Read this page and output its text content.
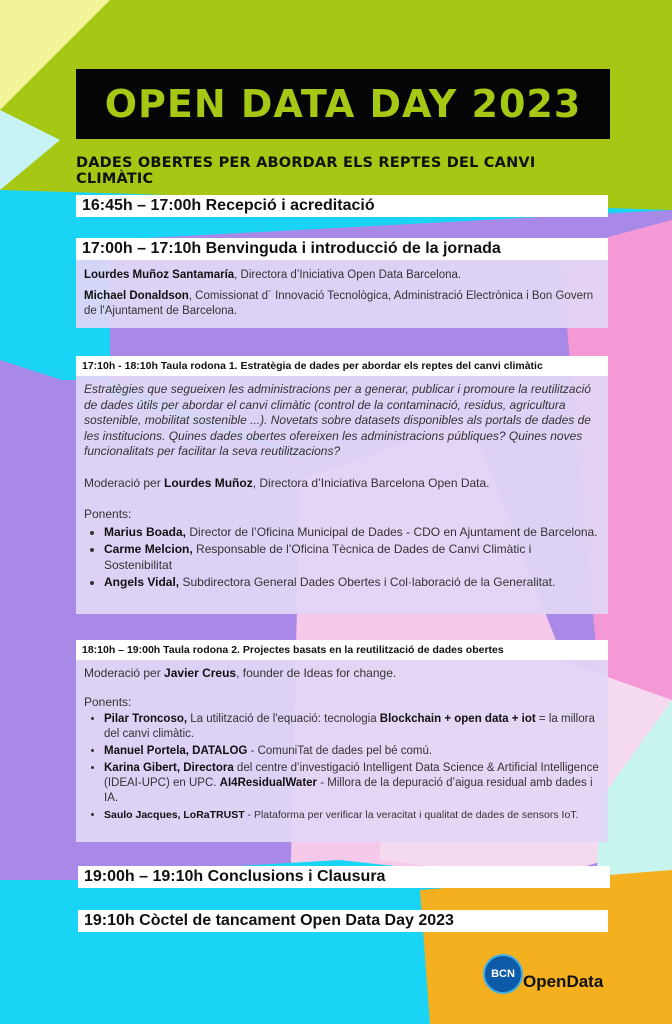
OPEN DATA DAY 2023
DADES OBERTES PER ABORDAR ELS REPTES DEL CANVI CLIMÀTIC
16:45h – 17:00h Recepció i acreditació
17:00h – 17:10h Benvinguda i introducció de la jornada

Lourdes Muñoz Santamaría, Directora d’Iniciativa Open Data Barcelona.

Michael Donaldson, Comissionat d´ Innovació Tecnològica, Administració Electrònica i Bon Govern de l'Ajuntament de Barcelona.

17:10h - 18:10h Taula rodona 1. Estratègia de dades per abordar els reptes del canvi climàtic

Estratègies que segueixen les administracions per a generar, publicar i promoure la reutilització de dades útils per abordar el canvi climàtic (control de la contaminació, residus, agricultura sostenible, mobilitat sostenible ...). Novetats sobre datasets disponibles als portals de dades de les institucions. Quines dades obertes ofereixen les administracions públiques? Quines noves funcionalitats per facilitar la seva reutilitzacions?

Moderació per Lourdes Muñoz, Directora d’Iniciativa Barcelona Open Data.

Ponents:

• Marius Boada, Director de l’Oficina Municipal de Dades - CDO en Ajuntament de Barcelona.
• Carme Melcion, Responsable de l’Oficina Tècnica de Dades de Canvi Climàtic i Sostenibilitat
• Angels Vidal, Subdirectora General Dades Obertes i Col·laboració de la Generalitat.
18:10h – 19:00h Taula rodona 2. Projectes basats en la reutilització de dades obertes

Moderació per Javier Creus, founder de Ideas for change.

Ponents:

• Pilar Troncoso, La utilització de l'equació: tecnologia Blockchain + open data + iot = la millora del canvi climàtic.
• Manuel Portela, DATALOG - ComuniTat de dades pel bé comú.
• Karina Gibert, Directora del centre d’investigació Intelligent Data Science & Artificial Intelligence (IDEAI-UPC) en UPC. AI4ResidualWater - Millora de la depuració d’aigua residual amb dades i IA.
• Saulo Jacques, LoRaTRUST - Plataforma per verificar la veracitat i qualitat de dades de sensors IoT.
19:00h – 19:10h Conclusions i Clausura
19:10h Còctel de tancament Open Data Day 2023
BCN OpenData
